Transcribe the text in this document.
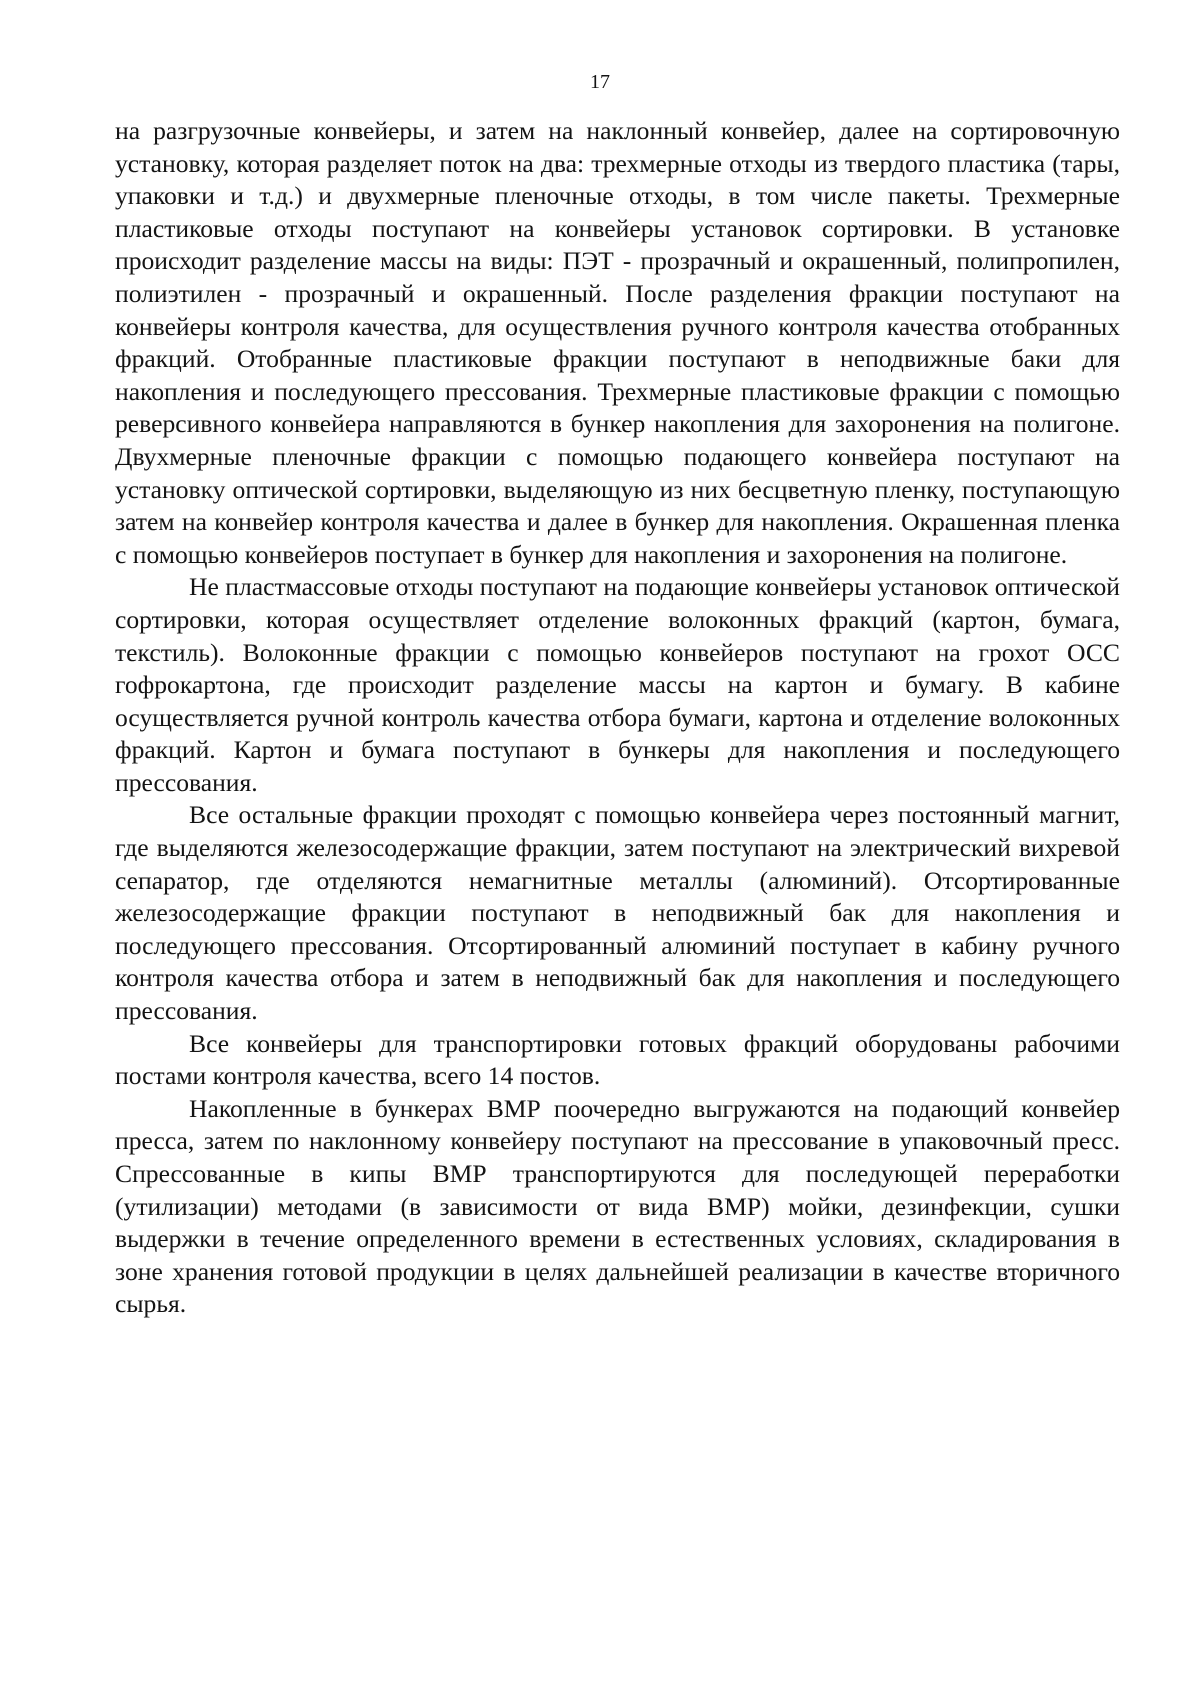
17

на разгрузочные конвейеры, и затем на наклонный конвейер, далее на сортировочную установку, которая разделяет поток на два: трехмерные отходы из твердого пластика (тары, упаковки и т.д.) и двухмерные пленочные отходы, в том числе пакеты. Трехмерные пластиковые отходы поступают на конвейеры установок сортировки. В установке происходит разделение массы на виды: ПЭТ - прозрачный и окрашенный, полипропилен, полиэтилен - прозрачный и окрашенный. После разделения фракции поступают на конвейеры контроля качества, для осуществления ручного контроля качества отобранных фракций. Отобранные пластиковые фракции поступают в неподвижные баки для накопления и последующего прессования. Трехмерные пластиковые фракции с помощью реверсивного конвейера направляются в бункер накопления для захоронения на полигоне. Двухмерные пленочные фракции с помощью подающего конвейера поступают на установку оптической сортировки, выделяющую из них бесцветную пленку, поступающую затем на конвейер контроля качества и далее в бункер для накопления. Окрашенная пленка с помощью конвейеров поступает в бункер для накопления и захоронения на полигоне.

Не пластмассовые отходы поступают на подающие конвейеры установок оптической сортировки, которая осуществляет отделение волоконных фракций (картон, бумага, текстиль). Волоконные фракции с помощью конвейеров поступают на грохот ОСС гофрокартона, где происходит разделение массы на картон и бумагу. В кабине осуществляется ручной контроль качества отбора бумаги, картона и отделение волоконных фракций. Картон и бумага поступают в бункеры для накопления и последующего прессования.

Все остальные фракции проходят с помощью конвейера через постоянный магнит, где выделяются железосодержащие фракции, затем поступают на электрический вихревой сепаратор, где отделяются немагнитные металлы (алюминий). Отсортированные железосодержащие фракции поступают в неподвижный бак для накопления и последующего прессования. Отсортированный алюминий поступает в кабину ручного контроля качества отбора и затем в неподвижный бак для накопления и последующего прессования.

Все конвейеры для транспортировки готовых фракций оборудованы рабочими постами контроля качества, всего 14 постов.

Накопленные в бункерах ВМР поочередно выгружаются на подающий конвейер пресса, затем по наклонному конвейеру поступают на прессование в упаковочный пресс. Спрессованные в кипы ВМР транспортируются для последующей переработки (утилизации) методами (в зависимости от вида ВМР) мойки, дезинфекции, сушки выдержки в течение определенного времени в естественных условиях, складирования в зоне хранения готовой продукции в целях дальнейшей реализации в качестве вторичного сырья.
